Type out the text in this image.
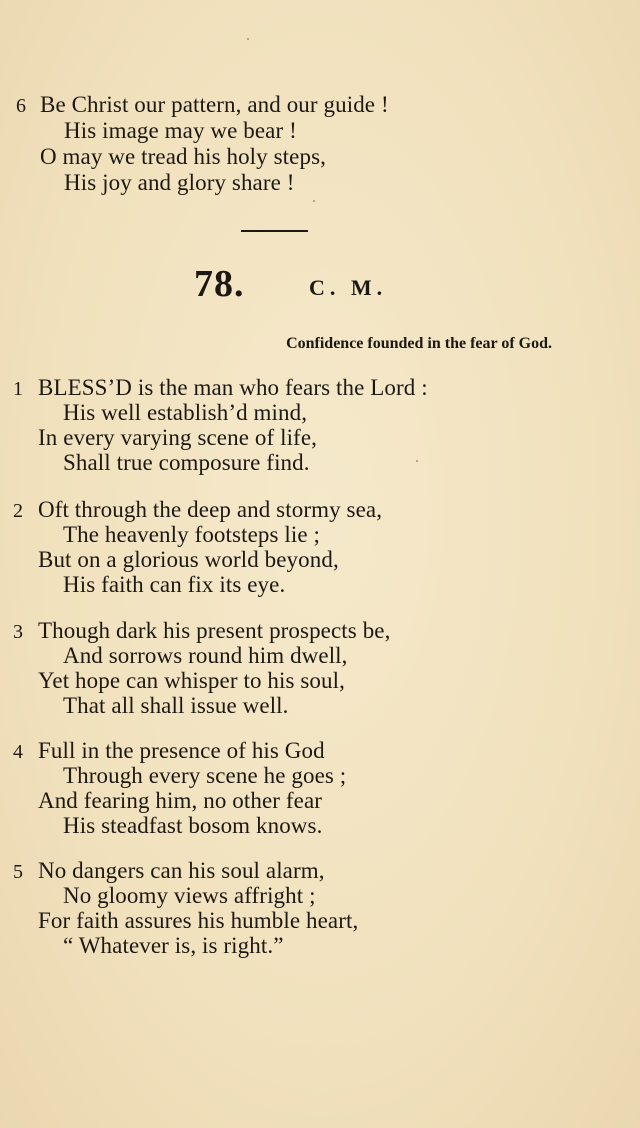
6 Be Christ our pattern, and our guide !
His image may we bear !
O may we tread his holy steps,
His joy and glory share !
78.	C. M.
Confidence founded in the fear of God.
1 BLESS’D is the man who fears the Lord :
His well establish’d mind,
In every varying scene of life,
Shall true composure find.
2 Oft through the deep and stormy sea,
The heavenly footsteps lie ;
But on a glorious world beyond,
His faith can fix its eye.
3 Though dark his present prospects be,
And sorrows round him dwell,
Yet hope can whisper to his soul,
That all shall issue well.
4 Full in the presence of his God
Through every scene he goes ;
And fearing him, no other fear
His steadfast bosom knows.
5 No dangers can his soul alarm,
No gloomy views affright ;
For faith assures his humble heart,
“ Whatever is, is right.”
